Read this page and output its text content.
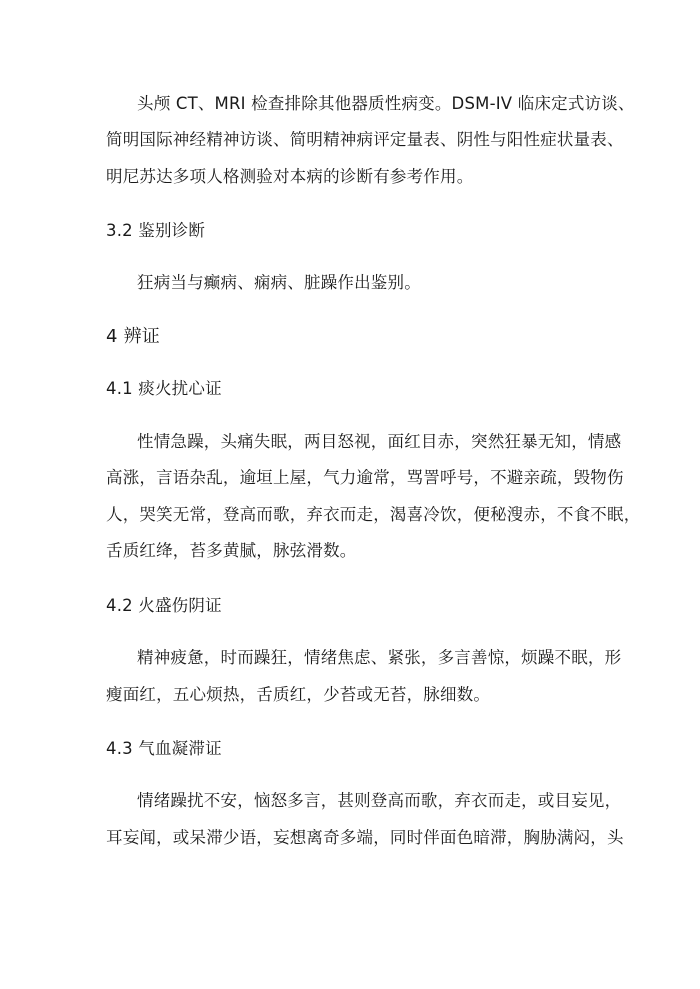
头颅 CT、MRI 检查排除其他器质性病变。DSM-IV 临床定式访谈、
简明国际神经精神访谈、简明精神病评定量表、阴性与阳性症状量表、
明尼苏达多项人格测验对本病的诊断有参考作用。
3.2 鉴别诊断
狂病当与癫病、痫病、脏躁作出鉴别。
4 辨证
4.1 痰火扰心证
性情急躁，头痛失眠，两目怒视，面红目赤，突然狂暴无知，情感
高涨，言语杂乱，逾垣上屋，气力逾常，骂詈呼号，不避亲疏，毁物伤
人，哭笑无常，登高而歌，弃衣而走，渴喜冷饮，便秘溲赤，不食不眠，
舌质红绛，苔多黄腻，脉弦滑数。
4.2 火盛伤阴证
精神疲惫，时而躁狂，情绪焦虑、紧张，多言善惊，烦躁不眠，形
瘦面红，五心烦热，舌质红，少苔或无苔，脉细数。
4.3 气血凝滞证
情绪躁扰不安，恼怒多言，甚则登高而歌，弃衣而走，或目妄见，
耳妄闻，或呆滞少语，妄想离奇多端，同时伴面色暗滞，胸胁满闷，头
